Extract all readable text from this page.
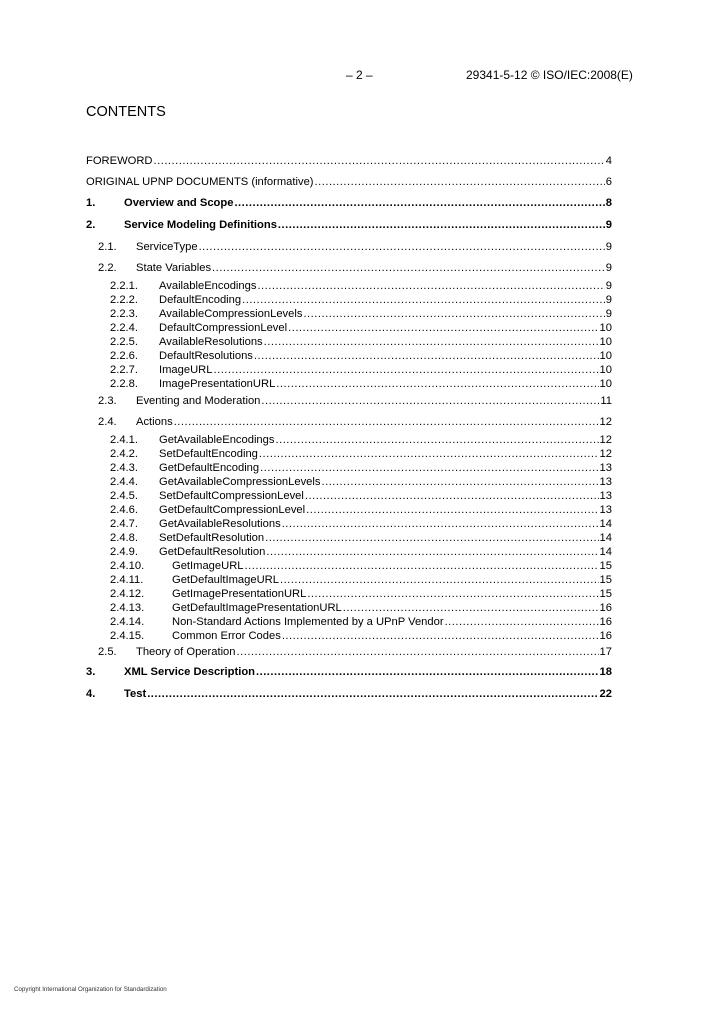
– 2 –	29341-5-12 © ISO/IEC:2008(E)
CONTENTS
FOREWORD .....	4
ORIGINAL UPNP DOCUMENTS (informative) .....	6
1.	Overview and Scope .....	8
2.	Service Modeling Definitions .....	9
2.1.	ServiceType .....	9
2.2.	State Variables .....	9
2.2.1.	AvailableEncodings .....	9
2.2.2.	DefaultEncoding .....	9
2.2.3.	AvailableCompressionLevels .....	9
2.2.4.	DefaultCompressionLevel .....	10
2.2.5.	AvailableResolutions .....	10
2.2.6.	DefaultResolutions .....	10
2.2.7.	ImageURL .....	10
2.2.8.	ImagePresentationURL .....	10
2.3.	Eventing and Moderation .....	11
2.4.	Actions .....	12
2.4.1.	GetAvailableEncodings .....	12
2.4.2.	SetDefaultEncoding .....	12
2.4.3.	GetDefaultEncoding .....	13
2.4.4.	GetAvailableCompressionLevels .....	13
2.4.5.	SetDefaultCompressionLevel .....	13
2.4.6.	GetDefaultCompressionLevel .....	13
2.4.7.	GetAvailableResolutions .....	14
2.4.8.	SetDefaultResolution .....	14
2.4.9.	GetDefaultResolution .....	14
2.4.10.	GetImageURL .....	15
2.4.11.	GetDefaultImageURL .....	15
2.4.12.	GetImagePresentationURL .....	15
2.4.13.	GetDefaultImagePresentationURL .....	16
2.4.14.	Non-Standard Actions Implemented by a UPnP Vendor .....	16
2.4.15.	Common Error Codes .....	16
2.5.	Theory of Operation .....	17
3.	XML Service Description .....	18
4.	Test .....	22
Copyright International Organization for Standardization
